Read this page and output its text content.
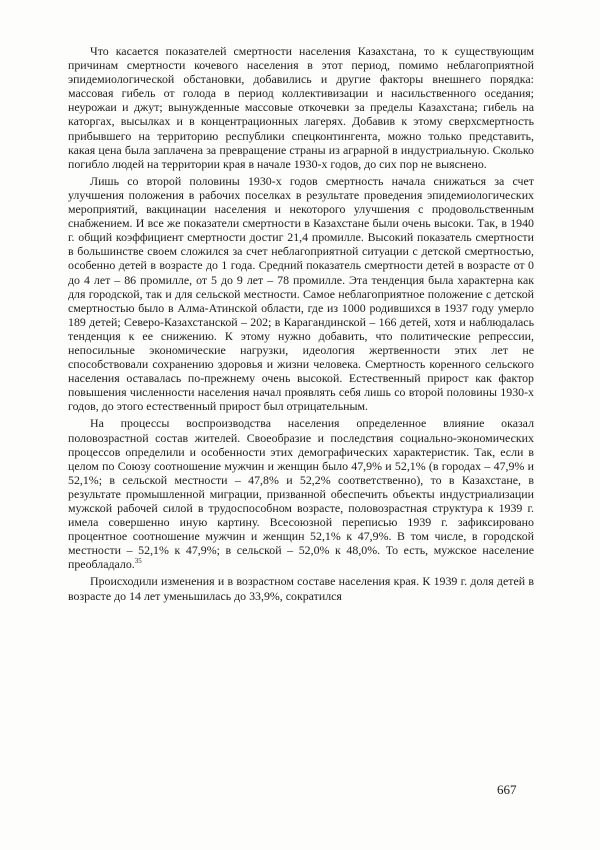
Что касается показателей смертности населения Казахстана, то к существующим причинам смертности кочевого населения в этот период, помимо неблагоприятной эпидемиологической обстановки, добавились и другие факторы внешнего порядка: массовая гибель от голода в период коллективизации и насильственного оседания; неурожаи и джут; вынужденные массовые откочевки за пределы Казахстана; гибель на каторгах, высылках и в концентрационных лагерях. Добавив к этому сверхсмертность прибывшего на территорию республики спецконтингента, можно только представить, какая цена была заплачена за превращение страны из аграрной в индустриальную. Сколько погибло людей на территории края в начале 1930-х годов, до сих пор не выяснено.

Лишь со второй половины 1930-х годов смертность начала снижаться за счет улучшения положения в рабочих поселках в результате проведения эпидемиологических мероприятий, вакцинации населения и некоторого улучшения с продовольственным снабжением. И все же показатели смертности в Казахстане были очень высоки. Так, в 1940 г. общий коэффициент смертности достиг 21,4 промилле. Высокий показатель смертности в большинстве своем сложился за счет неблагоприятной ситуации с детской смертностью, особенно детей в возрасте до 1 года. Средний показатель смертности детей в возрасте от 0 до 4 лет – 86 промилле, от 5 до 9 лет – 78 промилле. Эта тенденция была характерна как для городской, так и для сельской местности. Самое неблагоприятное положение с детской смертностью было в Алма-Атинской области, где из 1000 родившихся в 1937 году умерло 189 детей; Северо-Казахстанской – 202; в Карагандинской – 166 детей, хотя и наблюдалась тенденция к ее снижению. К этому нужно добавить, что политические репрессии, непосильные экономические нагрузки, идеология жертвенности этих лет не способствовали сохранению здоровья и жизни человека. Смертность коренного сельского населения оставалась по-прежнему очень высокой. Естественный прирост как фактор повышения численности населения начал проявлять себя лишь со второй половины 1930-х годов, до этого естественный прирост был отрицательным.

На процессы воспроизводства населения определенное влияние оказал половозрастной состав жителей. Своеобразие и последствия социально-экономических процессов определили и особенности этих демографических характеристик. Так, если в целом по Союзу соотношение мужчин и женщин было 47,9% и 52,1% (в городах – 47,9% и 52,1%; в сельской местности – 47,8% и 52,2% соответственно), то в Казахстане, в результате промышленной миграции, призванной обеспечить объекты индустриализации мужской рабочей силой в трудоспособном возрасте, половозрастная структура к 1939 г. имела совершенно иную картину. Всесоюзной переписью 1939 г. зафиксировано процентное соотношение мужчин и женщин 52,1% к 47,9%. В том числе, в городской местности – 52,1% к 47,9%; в сельской – 52,0% к 48,0%. То есть, мужское население преобладало.$^{35}$

Происходили изменения и в возрастном составе населения края. К 1939 г. доля детей в возрасте до 14 лет уменьшилась до 33,9%, сократился

667
